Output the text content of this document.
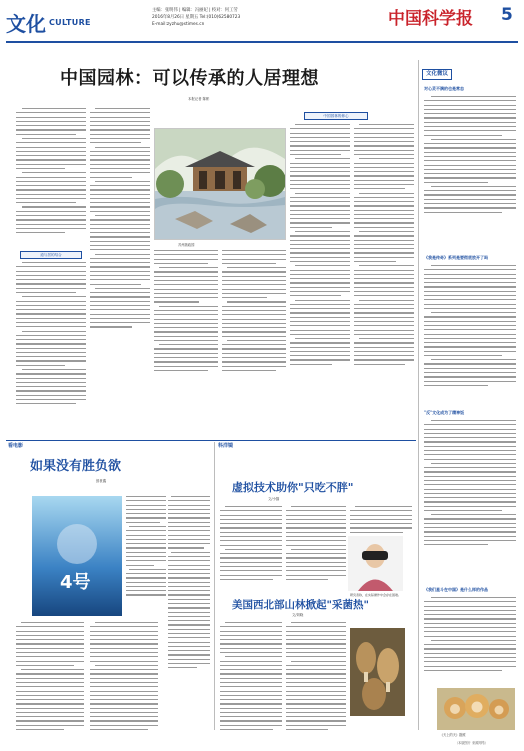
文化 CULTURE
主编：张明伟 | 编辑：冯丽妃 | 校对：何工劳
2016年8月26日 星期五 Tel:(010)62580723
E-mail:zyzhu@stimes.cn	中国科学报 5
中国园林：可以传承的人居理想
本报记者 陈彬
道与居的结合
苏州拙政园
中国园林的修心
文化微议
对心灵不满的也是常态
《我是传奇》系列是要彻底放开了吗
"反"文化成为了精神饭
《我们星斗在中国》是什么样的作品
《天上的天》剧照
看电影
如果没有胜负欲
郎世鑫
4号
科洋镜
虚拟技术助你"只吃不胖"
文/小猫
研究者称，在实际操作中会存在困难。
美国西北部山林掀起"采菌热"
文/刘晓
（本版图片 来源网络）
